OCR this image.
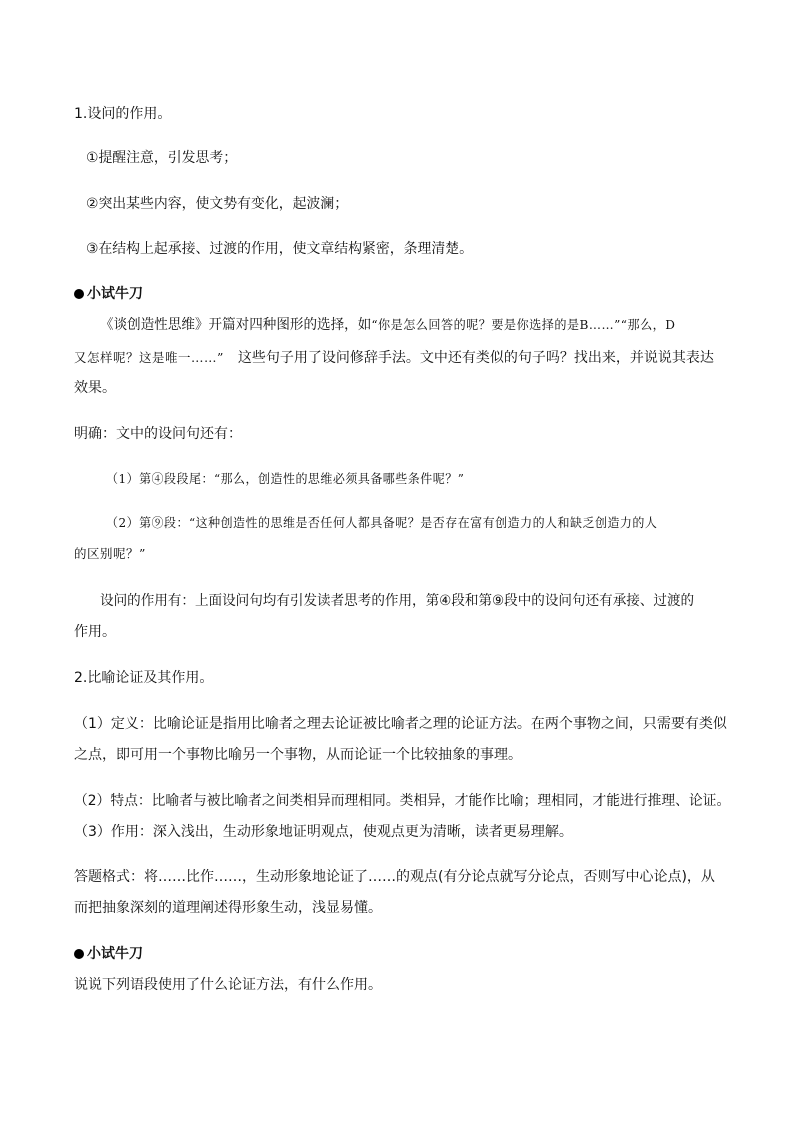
1.设问的作用。
①提醒注意，引发思考；
②突出某些内容，使文势有变化，起波澜；
③在结构上起承接、过渡的作用，使文章结构紧密，条理清楚。
小试牛刀
《谈创造性思维》开篇对四种图形的选择，如“你是怎么回答的呢？要是你选择的是B……”“那么，D
又怎样呢？这是唯一……” 这些句子用了设问修辞手法。文中还有类似的句子吗？找出来，并说说其表达
效果。
明确：文中的设问句还有：
（1）第④段段尾：“那么，创造性的思维必须具备哪些条件呢？”
（2）第⑨段：“这种创造性的思维是否任何人都具备呢？是否存在富有创造力的人和缺乏创造力的人
的区别呢？”
设问的作用有：上面设问句均有引发读者思考的作用，第④段和第⑨段中的设问句还有承接、过渡的
作用。
2.比喻论证及其作用。
（1）定义：比喻论证是指用比喻者之理去论证被比喻者之理的论证方法。在两个事物之间，只需要有类似
之点，即可用一个事物比喻另一个事物，从而论证一个比较抽象的事理。
（2）特点：比喻者与被比喻者之间类相异而理相同。类相异，才能作比喻；理相同，才能进行推理、论证。
（3）作用：深入浅出，生动形象地证明观点，使观点更为清晰，读者更易理解。
答题格式：将……比作……，生动形象地论证了……的观点(有分论点就写分论点，否则写中心论点)，从
而把抽象深刻的道理阐述得形象生动，浅显易懂。
小试牛刀
说说下列语段使用了什么论证方法，有什么作用。
